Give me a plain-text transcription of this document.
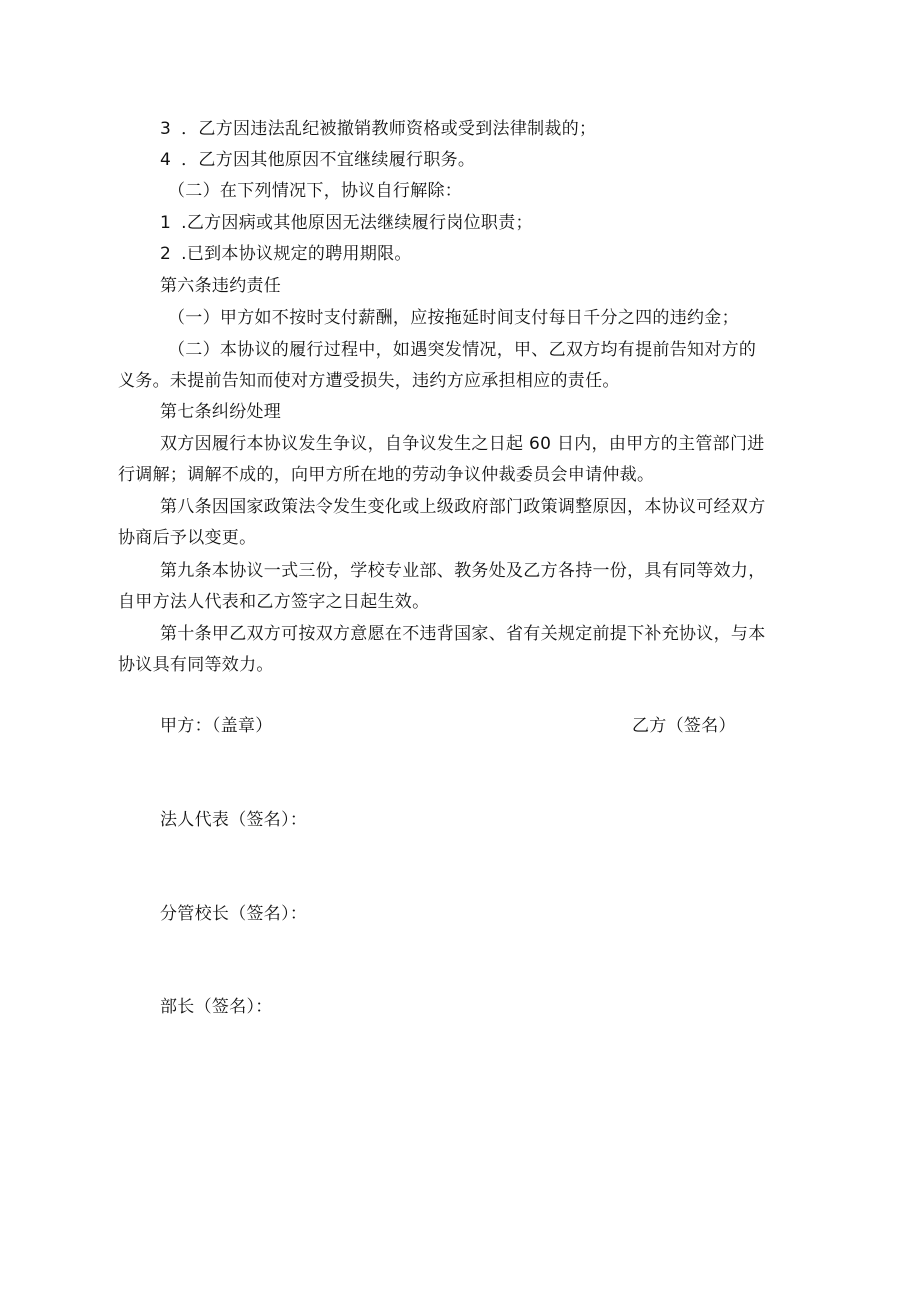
3 ．乙方因违法乱纪被撤销教师资格或受到法律制裁的；
4 ．乙方因其他原因不宜继续履行职务。
（二）在下列情况下，协议自行解除：
1 .乙方因病或其他原因无法继续履行岗位职责；
2 .已到本协议规定的聘用期限。
第六条违约责任
（一）甲方如不按时支付薪酬，应按拖延时间支付每日千分之四的违约金；
（二）本协议的履行过程中，如遇突发情况，甲、乙双方均有提前告知对方的
义务。未提前告知而使对方遭受损失，违约方应承担相应的责任。
第七条纠纷处理
双方因履行本协议发生争议，自争议发生之日起 60 日内，由甲方的主管部门进
行调解；调解不成的，向甲方所在地的劳动争议仲裁委员会申请仲裁。
第八条因国家政策法令发生变化或上级政府部门政策调整原因，本协议可经双方
协商后予以变更。
第九条本协议一式三份，学校专业部、教务处及乙方各持一份，具有同等效力，
自甲方法人代表和乙方签字之日起生效。
第十条甲乙双方可按双方意愿在不违背国家、省有关规定前提下补充协议，与本
协议具有同等效力。
甲方：（盖章）	乙方（签名）
法人代表（签名）：
分管校长（签名）：
部长（签名）：
